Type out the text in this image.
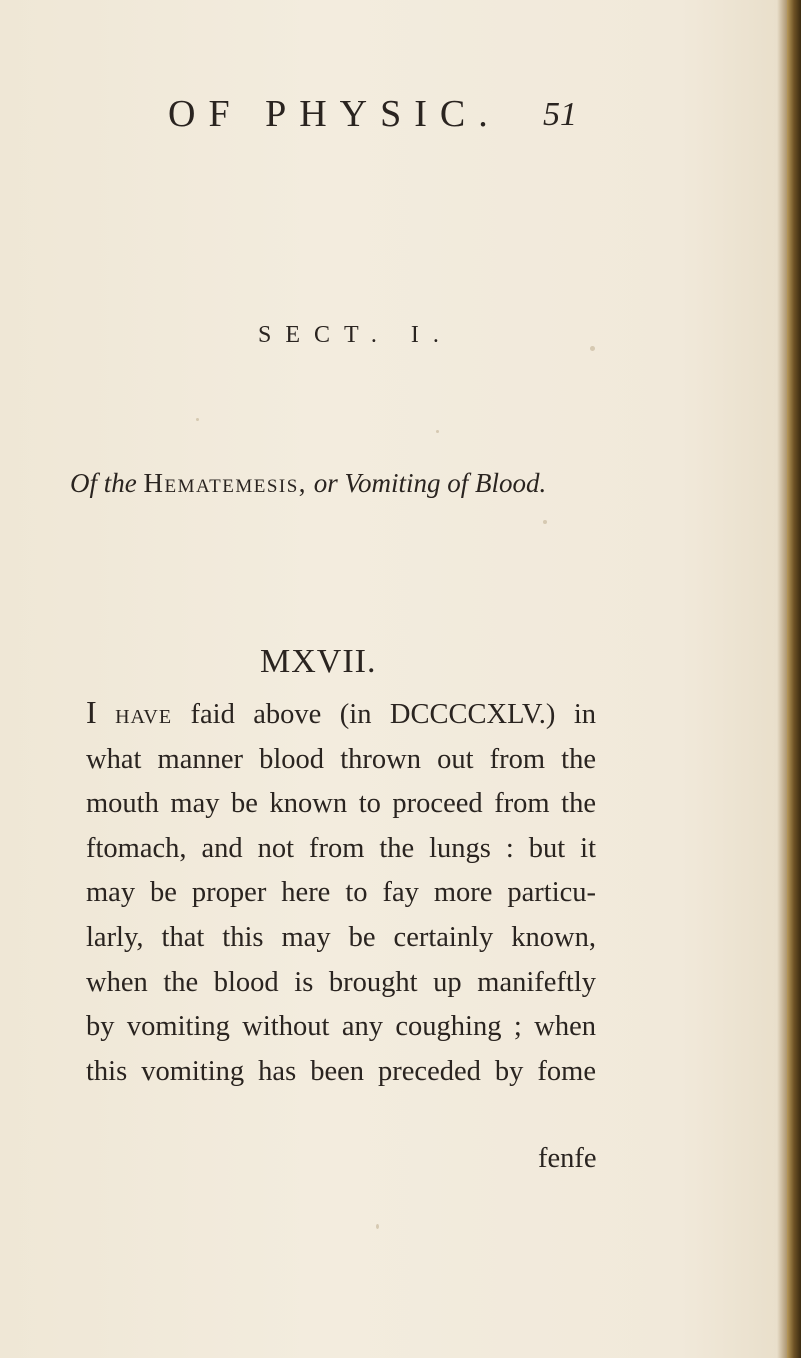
OF PHYSIC. 51
SECT. I.
Of the Hematemesis, or Vomiting of Blood.
MXVII.
I have faid above (in DCCCCXLV.) in
what manner blood thrown out from the
mouth may be known to proceed from the
ftomach, and not from the lungs : but it
may be proper here to fay more particu-
larly, that this may be certainly known,
when the blood is brought up manifeftly
by vomiting without any coughing ; when
this vomiting has been preceded by fome
fenfe
